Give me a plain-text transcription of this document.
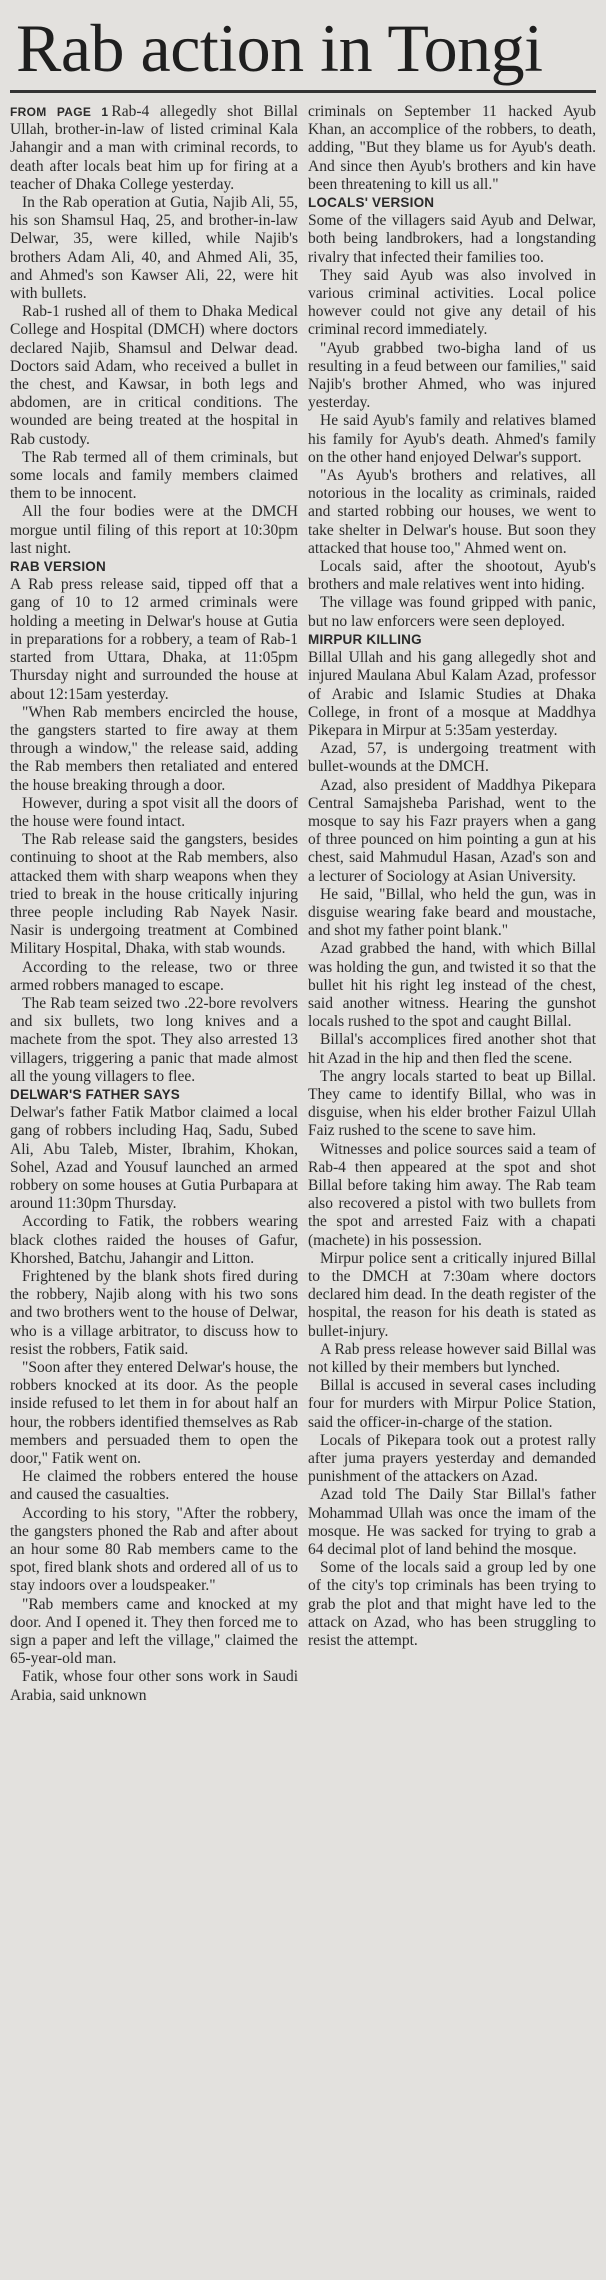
Rab action in Tongi

FROM PAGE 1 Rab-4 allegedly shot Billal Ullah, brother-in-law of listed criminal Kala Jahangir and a man with criminal records, to death after locals beat him up for firing at a teacher of Dhaka College yesterday.

In the Rab operation at Gutia, Najib Ali, 55, his son Shamsul Haq, 25, and brother-in-law Delwar, 35, were killed, while Najib's brothers Adam Ali, 40, and Ahmed Ali, 35, and Ahmed's son Kawser Ali, 22, were hit with bullets.

Rab-1 rushed all of them to Dhaka Medical College and Hospital (DMCH) where doctors declared Najib, Shamsul and Delwar dead. Doctors said Adam, who received a bullet in the chest, and Kawsar, in both legs and abdomen, are in critical conditions. The wounded are being treated at the hospital in Rab custody.

The Rab termed all of them criminals, but some locals and family members claimed them to be innocent.

All the four bodies were at the DMCH morgue until filing of this report at 10:30pm last night.

RAB VERSION

A Rab press release said, tipped off that a gang of 10 to 12 armed criminals were holding a meeting in Delwar's house at Gutia in preparations for a robbery, a team of Rab-1 started from Uttara, Dhaka, at 11:05pm Thursday night and surrounded the house at about 12:15am yesterday.

"When Rab members encircled the house, the gangsters started to fire away at them through a window," the release said, adding the Rab members then retaliated and entered the house breaking through a door.

However, during a spot visit all the doors of the house were found intact.

The Rab release said the gangsters, besides continuing to shoot at the Rab members, also attacked them with sharp weapons when they tried to break in the house critically injuring three people including Rab Nayek Nasir. Nasir is undergoing treatment at Combined Military Hospital, Dhaka, with stab wounds.

According to the release, two or three armed robbers managed to escape.

The Rab team seized two .22-bore revolvers and six bullets, two long knives and a machete from the spot. They also arrested 13 villagers, triggering a panic that made almost all the young villagers to flee.

DELWAR'S FATHER SAYS

Delwar's father Fatik Matbor claimed a local gang of robbers including Haq, Sadu, Subed Ali, Abu Taleb, Mister, Ibrahim, Khokan, Sohel, Azad and Yousuf launched an armed robbery on some houses at Gutia Purbapara at around 11:30pm Thursday.

According to Fatik, the robbers wearing black clothes raided the houses of Gafur, Khorshed, Batchu, Jahangir and Litton.

Frightened by the blank shots fired during the robbery, Najib along with his two sons and two brothers went to the house of Delwar, who is a village arbitrator, to discuss how to resist the robbers, Fatik said.

"Soon after they entered Delwar's house, the robbers knocked at its door. As the people inside refused to let them in for about half an hour, the robbers identified themselves as Rab members and persuaded them to open the door," Fatik went on.

He claimed the robbers entered the house and caused the casualties.

According to his story, "After the robbery, the gangsters phoned the Rab and after about an hour some 80 Rab members came to the spot, fired blank shots and ordered all of us to stay indoors over a loudspeaker."

"Rab members came and knocked at my door. And I opened it. They then forced me to sign a paper and left the village," claimed the 65-year-old man.

Fatik, whose four other sons work in Saudi Arabia, said unknown

criminals on September 11 hacked Ayub Khan, an accomplice of the robbers, to death, adding, "But they blame us for Ayub's death. And since then Ayub's brothers and kin have been threatening to kill us all."

LOCALS' VERSION

Some of the villagers said Ayub and Delwar, both being landbrokers, had a longstanding rivalry that infected their families too.

They said Ayub was also involved in various criminal activities. Local police however could not give any detail of his criminal record immediately.

"Ayub grabbed two-bigha land of us resulting in a feud between our families," said Najib's brother Ahmed, who was injured yesterday.

He said Ayub's family and relatives blamed his family for Ayub's death. Ahmed's family on the other hand enjoyed Delwar's support.

"As Ayub's brothers and relatives, all notorious in the locality as criminals, raided and started robbing our houses, we went to take shelter in Delwar's house. But soon they attacked that house too," Ahmed went on.

Locals said, after the shootout, Ayub's brothers and male relatives went into hiding.

The village was found gripped with panic, but no law enforcers were seen deployed.

MIRPUR KILLING

Billal Ullah and his gang allegedly shot and injured Maulana Abul Kalam Azad, professor of Arabic and Islamic Studies at Dhaka College, in front of a mosque at Maddhya Pikepara in Mirpur at 5:35am yesterday.

Azad, 57, is undergoing treatment with bullet-wounds at the DMCH.

Azad, also president of Maddhya Pikepara Central Samajsheba Parishad, went to the mosque to say his Fazr prayers when a gang of three pounced on him pointing a gun at his chest, said Mahmudul Hasan, Azad's son and a lecturer of Sociology at Asian University.

He said, "Billal, who held the gun, was in disguise wearing fake beard and moustache, and shot my father point blank."

Azad grabbed the hand, with which Billal was holding the gun, and twisted it so that the bullet hit his right leg instead of the chest, said another witness. Hearing the gunshot locals rushed to the spot and caught Billal.

Billal's accomplices fired another shot that hit Azad in the hip and then fled the scene.

The angry locals started to beat up Billal. They came to identify Billal, who was in disguise, when his elder brother Faizul Ullah Faiz rushed to the scene to save him.

Witnesses and police sources said a team of Rab-4 then appeared at the spot and shot Billal before taking him away. The Rab team also recovered a pistol with two bullets from the spot and arrested Faiz with a chapati (machete) in his possession.

Mirpur police sent a critically injured Billal to the DMCH at 7:30am where doctors declared him dead. In the death register of the hospital, the reason for his death is stated as bullet-injury.

A Rab press release however said Billal was not killed by their members but lynched.

Billal is accused in several cases including four for murders with Mirpur Police Station, said the officer-in-charge of the station.

Locals of Pikepara took out a protest rally after juma prayers yesterday and demanded punishment of the attackers on Azad.

Azad told The Daily Star Billal's father Mohammad Ullah was once the imam of the mosque. He was sacked for trying to grab a 64 decimal plot of land behind the mosque.

Some of the locals said a group led by one of the city's top criminals has been trying to grab the plot and that might have led to the attack on Azad, who has been struggling to resist the attempt.
